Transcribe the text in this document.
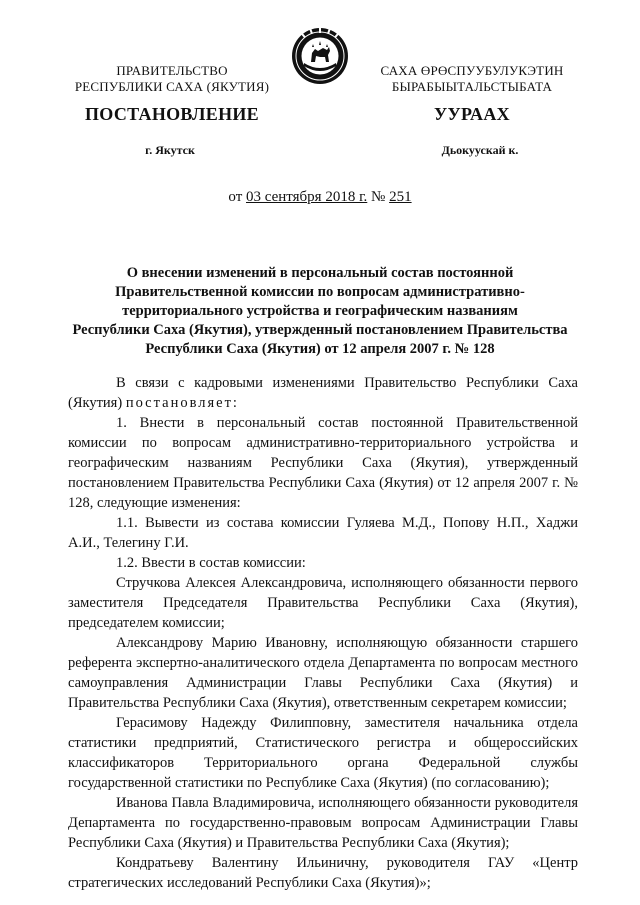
ПРАВИТЕЛЬСТВО
РЕСПУБЛИКИ САХА (ЯКУТИЯ)
САХА ӨРӨСПУУБУЛУКЭТИН
БЫРАБЫЫТАЛЬСТЫБАТА
ПОСТАНОВЛЕНИЕ	УУРААХ
г. Якутск	Дьокуускай к.
от 03 сентября 2018 г. № 251
О внесении изменений в персональный состав постоянной
Правительственной комиссии по вопросам административно-
территориального устройства и географическим названиям
Республики Саха (Якутия), утвержденный постановлением Правительства
Республики Саха (Якутия) от 12 апреля 2007 г. № 128

В связи с кадровыми изменениями Правительство Республики Саха (Якутия) постановляет:

1. Внести в персональный состав постоянной Правительственной комиссии по вопросам административно-территориального устройства и географическим названиям Республики Саха (Якутия), утвержденный постановлением Правительства Республики Саха (Якутия) от 12 апреля 2007 г. № 128, следующие изменения:

1.1. Вывести из состава комиссии Гуляева М.Д., Попову Н.П., Хаджи А.И., Телегину Г.И.

1.2. Ввести в состав комиссии:

Стручкова Алексея Александровича, исполняющего обязанности первого заместителя Председателя Правительства Республики Саха (Якутия), председателем комиссии;

Александрову Марию Ивановну, исполняющую обязанности старшего референта экспертно-аналитического отдела Департамента по вопросам местного самоуправления Администрации Главы Республики Саха (Якутия) и Правительства Республики Саха (Якутия), ответственным секретарем комиссии;

Герасимову Надежду Филипповну, заместителя начальника отдела статистики предприятий, Статистического регистра и общероссийских классификаторов Территориального органа Федеральной службы государственной статистики по Республике Саха (Якутия) (по согласованию);

Иванова Павла Владимировича, исполняющего обязанности руководителя Департамента по государственно-правовым вопросам Администрации Главы Республики Саха (Якутия) и Правительства Республики Саха (Якутия);

Кондратьеву Валентину Ильиничну, руководителя ГАУ «Центр стратегических исследований Республики Саха (Якутия)»;
